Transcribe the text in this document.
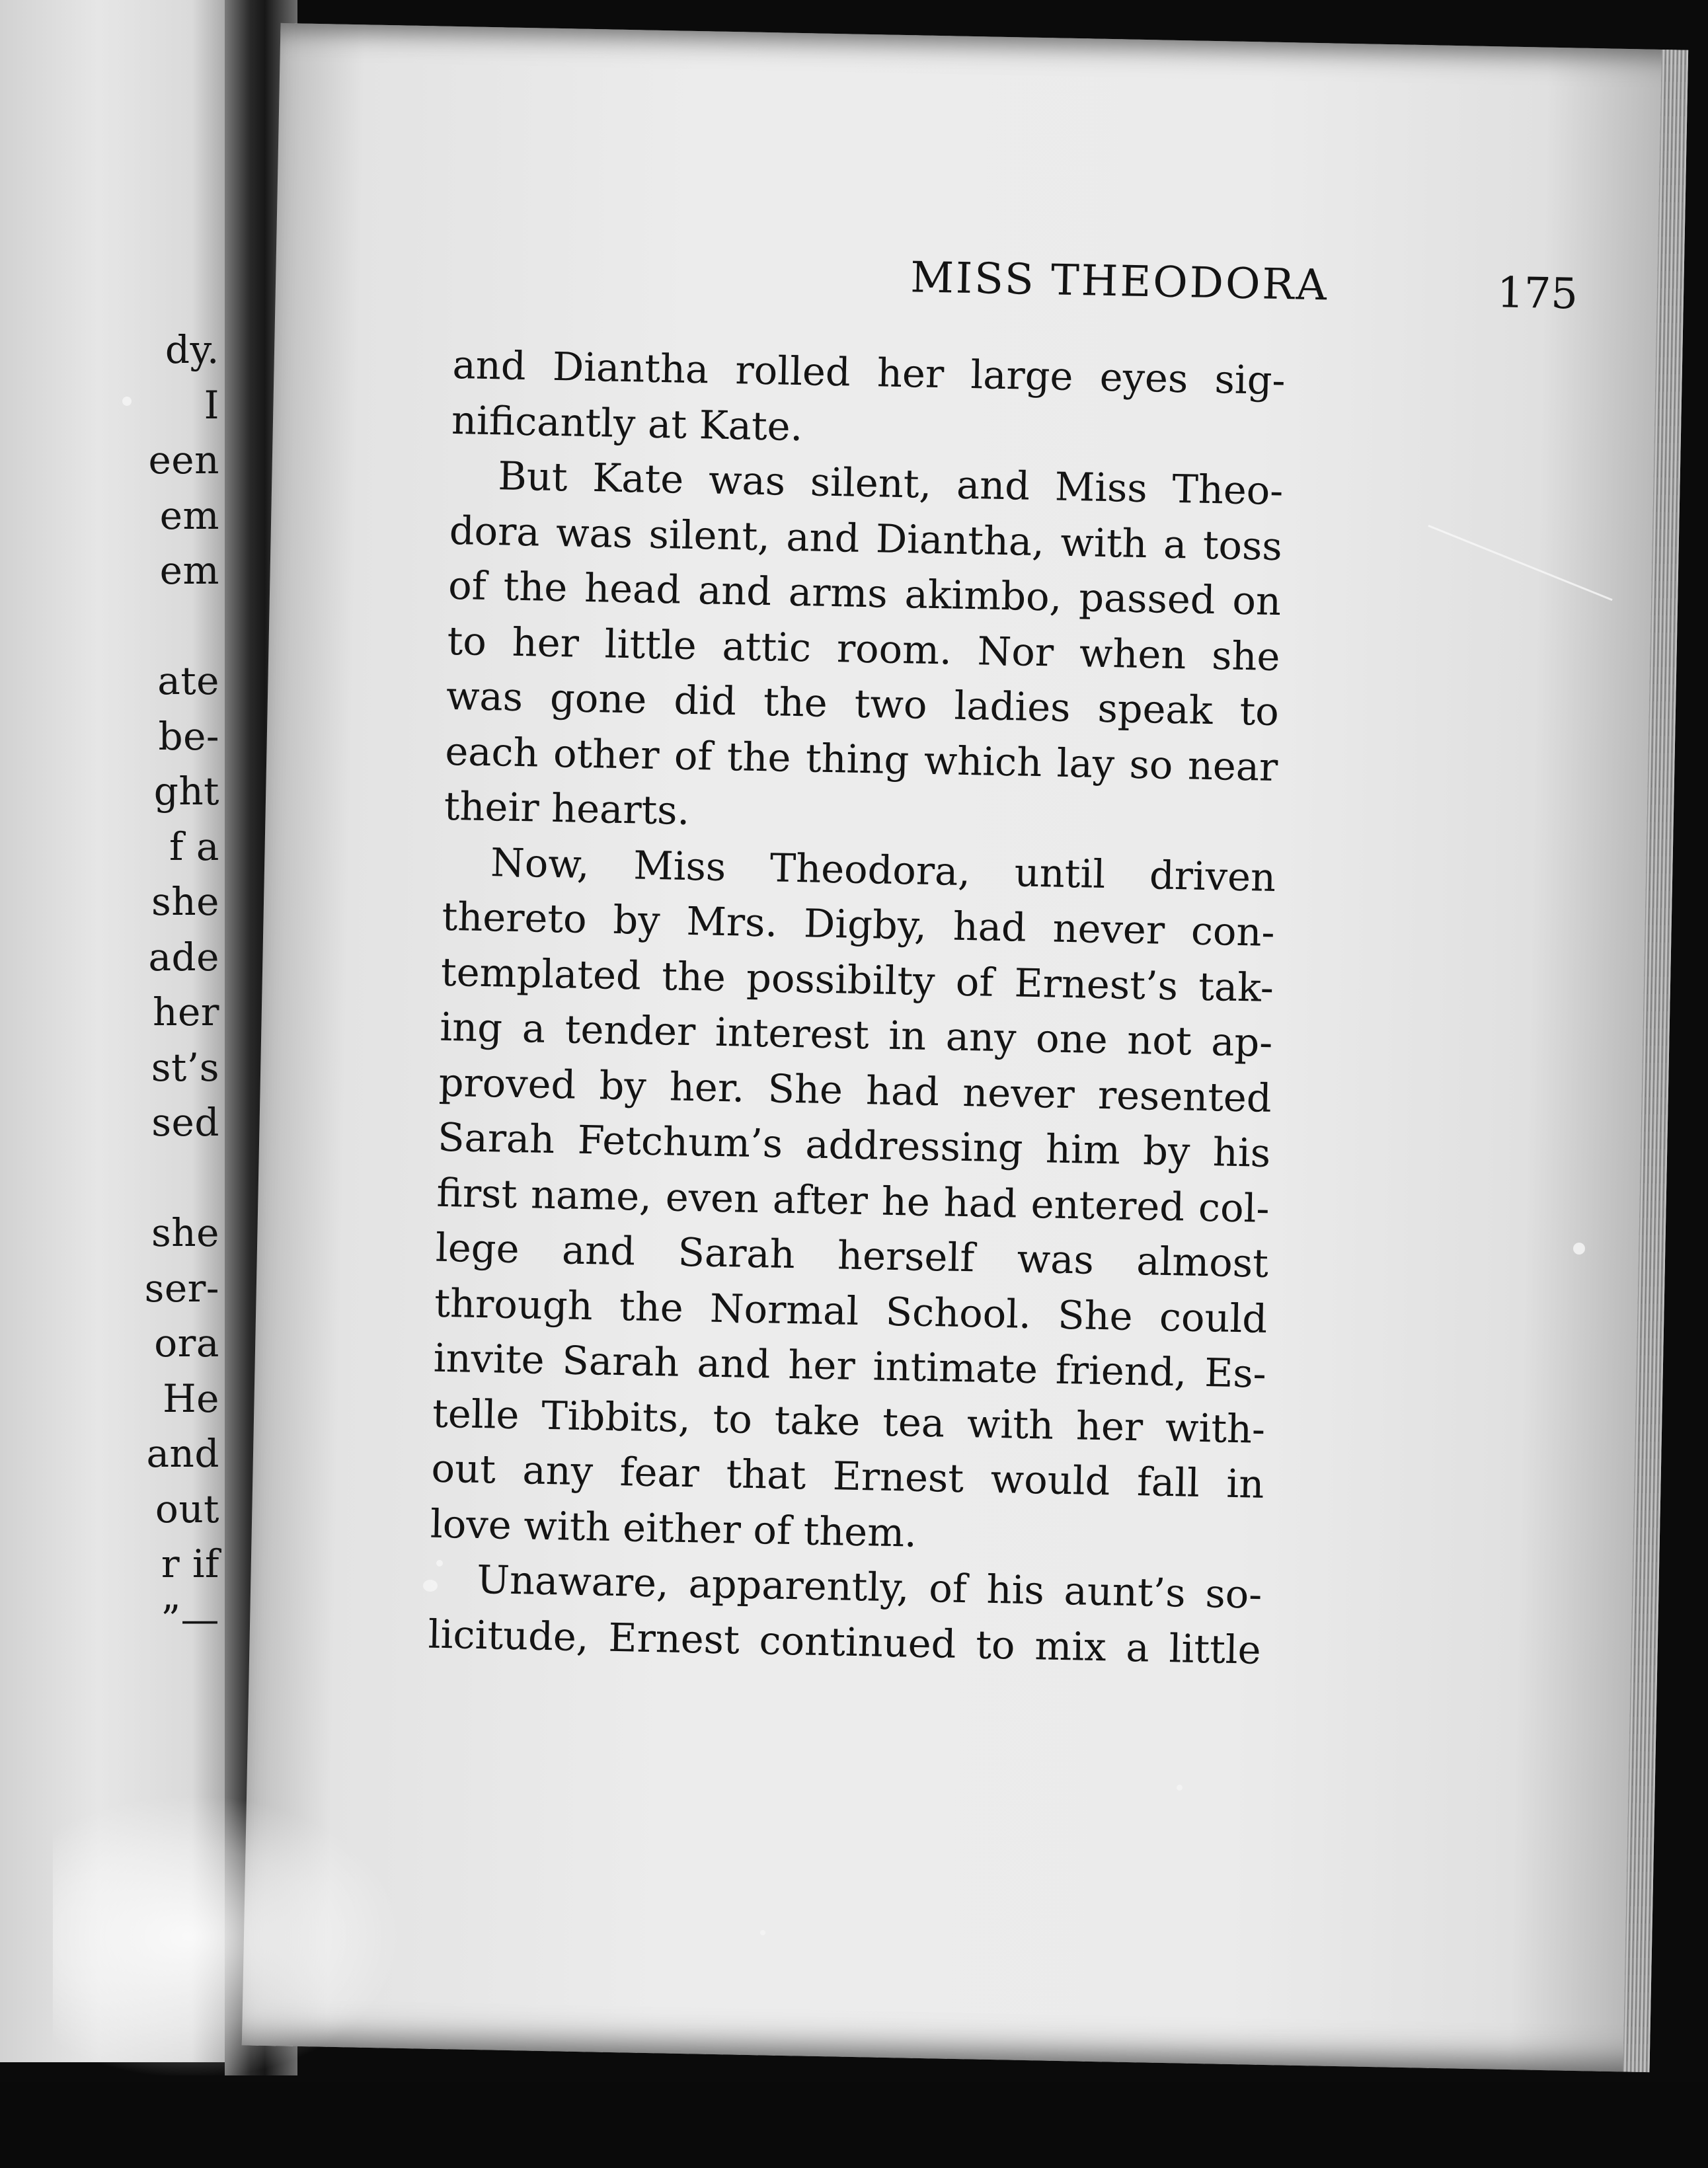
dy.
I
een
em
em
ate
be-
ght
f a
she
ade
her
st’s
sed
she
ser-
ora
He
and
out
r if
”—
MISS THEODORA	175
and Diantha rolled her large eyes sig-
nificantly at Kate.
But Kate was silent, and Miss Theo-
dora was silent, and Diantha, with a toss
of the head and arms akimbo, passed on
to her little attic room. Nor when she
was gone did the two ladies speak to
each other of the thing which lay so near
their hearts.
Now, Miss Theodora, until driven
thereto by Mrs. Digby, had never con-
templated the possibilty of Ernest’s tak-
ing a tender interest in any one not ap-
proved by her. She had never resented
Sarah Fetchum’s addressing him by his
first name, even after he had entered col-
lege and Sarah herself was almost
through the Normal School. She could
invite Sarah and her intimate friend, Es-
telle Tibbits, to take tea with her with-
out any fear that Ernest would fall in
love with either of them.
Unaware, apparently, of his aunt’s so-
licitude, Ernest continued to mix a little
